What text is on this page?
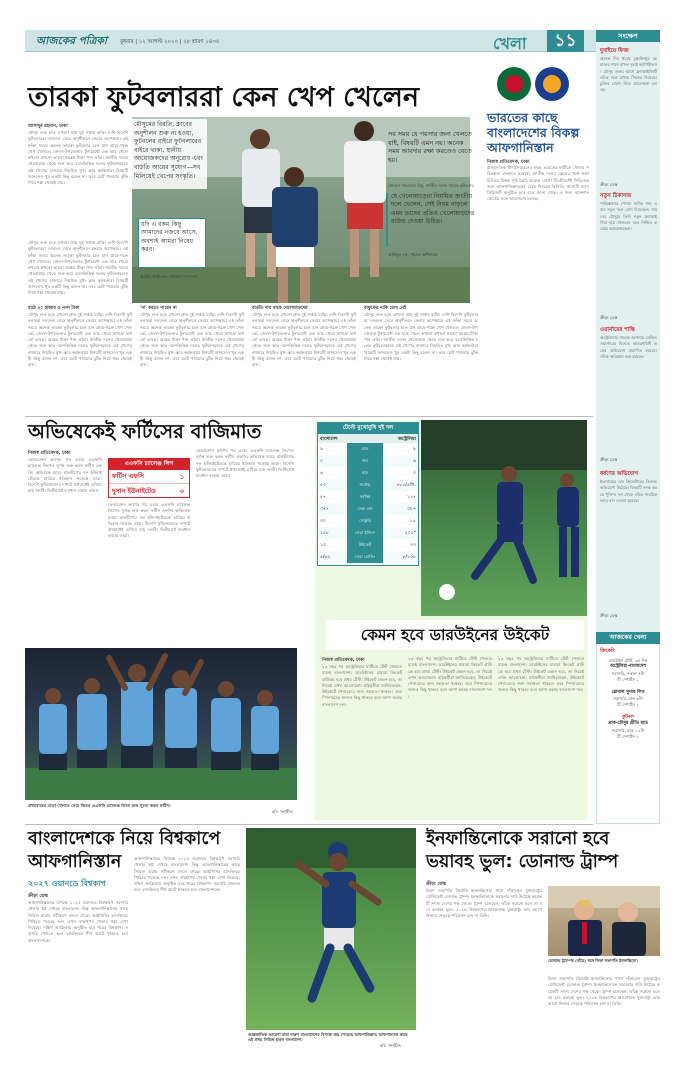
আজকের পত্রিকা বুধবার | ১২ আগস্ট ২০২০ | ২৮ শ্রাবণ ১৪৩৫	খেলা	১১
তারকা ফুটবলাররা কেন খেপ খেলেন
আসাদুর রহমান, ঢাকা
মৌসুম শুরু হতে এখনো প্রায় দুই সপ্তাহ বাকি। দেশি-বিদেশি ফুটবলাররা দলবদল সেরে অনুশীলনে ফেরার অপেক্ষায়। এই ফাঁকা সময়ে অনেক তারকা ফুটবলার চলে যান গ্রামে-গঞ্জে খেপ খেলতে। জেলা-উপজেলার টুর্নামেন্টে এক ম্যাচ খেলে কখনো কখনো ভালো অঙ্কের টাকা পান তাঁরা। জাতীয় দলের খেলোয়াড় থেকে শুরু করে বয়সভিত্তিক দলের ফুটবলাররাও এই খেপের বাজারে নিয়মিত মুখ। ক্লাব কর্মকর্তারা বিষয়টি জানলেও খুব একটা কিছু বলেন না। তবে চোট পাওয়ার ঝুঁকি নিয়ে শঙ্কা থেকেই যায়।
মৌসুম শুরু হতে এখনো প্রায় দুই সপ্তাহ বাকি। দেশি-বিদেশি ফুটবলাররা দলবদল সেরে অনুশীলনে ফেরার অপেক্ষায়। এই ফাঁকা সময়ে অনেক তারকা ফুটবলার চলে যান গ্রামে-গঞ্জে খেপ খেলতে। জেলা-উপজেলার টুর্নামেন্টে এক ম্যাচ খেলে কখনো কখনো ভালো অঙ্কের টাকা পান তাঁরা। জাতীয় দলের খেলোয়াড় থেকে শুরু করে বয়সভিত্তিক দলের ফুটবলাররাও এই খেপের বাজারে নিয়মিত মুখ। ক্লাব কর্মকর্তারা বিষয়টি জানলেও খুব একটা কিছু বলেন না। তবে চোট পাওয়ার ঝুঁকি নিয়ে শঙ্কা থেকেই যায়।
মৌসুমের বিরতি, ক্লাবের অনুশীলন শুরু না হওয়া, ফুটবলের বাইরে ফুটবলারের বাইরে থাকা, স্থানীয় আয়োজকদের অনুরোধ এবং বাড়তি আয়ের সুযোগ—সব মিলিয়েই খেপের সংস্কৃতি।
যদি এ রকম কিছু আমাদের নজরে আসে, অবশ্যই আমরা নিষেধ করব।
আমির আমিরুল, সাধারণ সম্পাদক
সব সময় যে পয়সার জন্য খেলতে যাই, বিষয়টি এমন নয়। অনেক সময় আবদার রক্ষা করতেও যেতে হয়।
সোহেল সারওয়ার রিনু, জাতীয় দলের সাবেক ফুটবলার
যে খেলোয়াড়েরা নিয়মিত জাতীয় দলে খেলেন, সেই নিয়ম বাড়লে এমন তাদের প্রতিও খেলোয়াড়দের রাউন্ড দেওয়া উচিত।
আমিনুল হক, সাবেক অধিনায়ক
মাঠে ৫০ হাজার ও নগদ টাকা
মৌসুম শুরু হতে এখনো প্রায় দুই সপ্তাহ বাকি। দেশি-বিদেশি ফুটবলাররা দলবদল সেরে অনুশীলনে ফেরার অপেক্ষায়। এই ফাঁকা সময়ে অনেক তারকা ফুটবলার চলে যান গ্রামে-গঞ্জে খেপ খেলতে। জেলা-উপজেলার টুর্নামেন্টে এক ম্যাচ খেলে কখনো কখনো ভালো অঙ্কের টাকা পান তাঁরা। জাতীয় দলের খেলোয়াড় থেকে শুরু করে বয়সভিত্তিক দলের ফুটবলাররাও এই খেপের বাজারে নিয়মিত মুখ। ক্লাব কর্মকর্তারা বিষয়টি জানলেও খুব একটা কিছু বলেন না। তবে চোট পাওয়ার ঝুঁকি নিয়ে শঙ্কা থেকেই যায়।
'না' করতে পারেন না
মৌসুম শুরু হতে এখনো প্রায় দুই সপ্তাহ বাকি। দেশি-বিদেশি ফুটবলাররা দলবদল সেরে অনুশীলনে ফেরার অপেক্ষায়। এই ফাঁকা সময়ে অনেক তারকা ফুটবলার চলে যান গ্রামে-গঞ্জে খেপ খেলতে। জেলা-উপজেলার টুর্নামেন্টে এক ম্যাচ খেলে কখনো কখনো ভালো অঙ্কের টাকা পান তাঁরা। জাতীয় দলের খেলোয়াড় থেকে শুরু করে বয়সভিত্তিক দলের ফুটবলাররাও এই খেপের বাজারে নিয়মিত মুখ। ক্লাব কর্মকর্তারা বিষয়টি জানলেও খুব একটা কিছু বলেন না। তবে চোট পাওয়ার ঝুঁকি নিয়ে শঙ্কা থেকেই যায়।
বাড়তি দায় থাকে খেলোয়াড়দের
মৌসুম শুরু হতে এখনো প্রায় দুই সপ্তাহ বাকি। দেশি-বিদেশি ফুটবলাররা দলবদল সেরে অনুশীলনে ফেরার অপেক্ষায়। এই ফাঁকা সময়ে অনেক তারকা ফুটবলার চলে যান গ্রামে-গঞ্জে খেপ খেলতে। জেলা-উপজেলার টুর্নামেন্টে এক ম্যাচ খেলে কখনো কখনো ভালো অঙ্কের টাকা পান তাঁরা। জাতীয় দলের খেলোয়াড় থেকে শুরু করে বয়সভিত্তিক দলের ফুটবলাররাও এই খেপের বাজারে নিয়মিত মুখ। ক্লাব কর্মকর্তারা বিষয়টি জানলেও খুব একটা কিছু বলেন না। তবে চোট পাওয়ার ঝুঁকি নিয়ে শঙ্কা থেকেই যায়।
বাফুফের নাকি চোখ নেই
মৌসুম শুরু হতে এখনো প্রায় দুই সপ্তাহ বাকি। দেশি-বিদেশি ফুটবলাররা দলবদল সেরে অনুশীলনে ফেরার অপেক্ষায়। এই ফাঁকা সময়ে অনেক তারকা ফুটবলার চলে যান গ্রামে-গঞ্জে খেপ খেলতে। জেলা-উপজেলার টুর্নামেন্টে এক ম্যাচ খেলে কখনো কখনো ভালো অঙ্কের টাকা পান তাঁরা। জাতীয় দলের খেলোয়াড় থেকে শুরু করে বয়সভিত্তিক দলের ফুটবলাররাও এই খেপের বাজারে নিয়মিত মুখ। ক্লাব কর্মকর্তারা বিষয়টি জানলেও খুব একটা কিছু বলেন না। তবে চোট পাওয়ার ঝুঁকি নিয়ে শঙ্কা থেকেই যায়।
ভারতের কাছে বাংলাদেশের বিকল্প আফগানিস্তান
নিজস্ব প্রতিবেদক, ঢাকা
রাজনৈতিক টানাপোড়েনের ফলে ভারতের মাটিতে খেলার পরিকল্পনা বদলাতে হয়েছে। জাতীয় দলের ফ্রেমের সঙ্গে তাল মিলিয়ে বিকল্প সূচি তৈরি করেছে বোর্ড। টি-টোয়েন্টি সিরিজের জন্য আফগানিস্তানকেই বেছে নিয়েছে বিসিবি। আগামী মাসে সিরিজটি অনুষ্ঠিত হবে বলে জানা গেছে। এ জন্য আফগান বোর্ডের সঙ্গে আলোচনা চলছে।
সংক্ষেপ
দুবাইয়ে ফিজ
অনেক দিন ধরেই মুস্তাফিজুর রহমানের পাশে রাখল দুবাই ক্যাপিটালস। মৌসুম শুরুর আগে ফ্র্যাঞ্চাইজিটি তাঁকে দলে রাখার সিদ্ধান্ত নিয়েছে। চুক্তির মেয়াদ নিয়ে আলোচনা চলছে।
ক্রীড়া ডেস্ক
নতুন ঠিকানায়
পাকিস্তানের পেসার নাসিম শাহ এবার নতুন দলে যোগ দিয়েছেন। সামনের মৌসুমে তিনি নতুন ফ্র্যাঞ্চাইজির হয়ে খেলবেন বলে নিশ্চিত করেছে আয়োজকেরা।
ক্রীড়া ডেস্ক
ওয়ার্নারের শাস্তি
অস্ট্রেলিয়ার সাবেক ওপেনার ডেভিড ওয়ার্নারের বিরুদ্ধে আচরণবিধি ভঙ্গের অভিযোগ প্রমাণিত হয়েছে। তাঁকে জরিমানা করা হয়েছে।
ক্রীড়া ডেস্ক
ধর্ষণের অভিযোগ
ইংল্যান্ডের এক ক্রিকেটারের বিরুদ্ধে অভিযোগ উঠেছে। বিষয়টি তদন্ত করছে পুলিশ। দল থেকে তাঁকে সাময়িকভাবে বাদ দেওয়া হয়েছে।
ক্রীড়া ডেস্ক
আজকের খেলা
ক্রিকেট
ডারউইন টেস্ট, ৩য় দিন
অস্ট্রেলিয়া-বাংলাদেশ
সরাসরি, সকাল ৭টা
টি স্পোর্টস ১
গ্লোবাল সুপার লিগ
সরাসরি, রাত ৮টা
টি স্পোর্টস ২
ফুটবল
প্রাক-মৌসুম প্রীতি ম্যাচ
সরাসরি, রাত ১২টা
টি স্পোর্টস ১
অভিষেকেই ফর্টিসের বাজিমাত
নিজস্ব প্রতিবেদক, ঢাকা
ফেডারেশন কাপের পর এবার এএফসি চ্যালেঞ্জ লিগেও দুর্দান্ত শুরু করল ফর্টিস এফসি। অভিষেক ম্যাচে মালদ্বীপের দল ইউনাইটেডকে হারিয়ে ইতিহাস গড়েছে তারা। বিদেশি ফুটবলারদের দাপটে প্রথমার্ধেই এগিয়ে যায় দলটি। দ্বিতীয়ার্ধে ব্যবধান বাড়ায় তারা।
ফেডারেশন কাপের পর এবার এএফসি চ্যালেঞ্জ লিগেও দুর্দান্ত শুরু করল ফর্টিস এফসি। অভিষেক ম্যাচে মালদ্বীপের দল ইউনাইটেডকে হারিয়ে ইতিহাস গড়েছে তারা। বিদেশি ফুটবলারদের দাপটে প্রথমার্ধেই এগিয়ে যায় দলটি। দ্বিতীয়ার্ধে ব্যবধান বাড়ায় তারা।
ফেডারেশন কাপের পর এবার এএফসি চ্যালেঞ্জ লিগেও দুর্দান্ত শুরু করল ফর্টিস এফসি। অভিষেক ম্যাচে মালদ্বীপের দল ইউনাইটেডকে হারিয়ে ইতিহাস গড়েছে তারা। বিদেশি ফুটবলারদের দাপটে প্রথমার্ধেই এগিয়ে যায় দলটি। দ্বিতীয়ার্ধে ব্যবধান বাড়ায় তারা।
এএফসি চ্যালেঞ্জ লিগ
ফর্টিস এফসি	১
দুসান ইউনাইটেড	০
প্রথমবারের মতো খেলতে নেমে জিতে এএফসি চ্যালেঞ্জ লিগে শুভ সূচনা করল ফর্টিস।
ছবি: সংগৃহীত
টেস্টে মুখোমুখি দুই দল
বাংলাদেশ		অস্ট্রেলিয়া
৯	ম্যাচ	৯
০	জয়	৬
৬	হার	০
৫০	সর্বোচ্চ	৫৮১/৪ডি.
৫৭	সর্বনিম্ন	১১৭
৩৭৭	সেরা রান	৩৮৭
৩০	সেঞ্চুরি	১৫
১৫৮	সেরা ইনিংস	২০১*
১৩	উইকেট	৩৩
৫/৬২	সেরা বোলিং	৮/১০৮
কেমন হবে ডারউইনের উইকেট
নিজস্ব প্রতিবেদক, ঢাকা
২৩ বছর পর অস্ট্রেলিয়ার মাটিতে টেস্ট খেলতে যাচ্ছে বাংলাদেশ। ডারউইনের মারারা ক্রিকেট গ্রাউন্ডে হবে প্রথম টেস্ট। উইকেট কেমন হবে, তা নিয়েই এখন আলোচনা। মাঠকর্মীরা জানিয়েছেন, উইকেটে পেসারদের জন্য সহায়তা থাকবে। তবে স্পিনারদের জন্যও কিছু থাকবে বলে আশা করছে বাংলাদেশ দল।
২৩ বছর পর অস্ট্রেলিয়ার মাটিতে টেস্ট খেলতে যাচ্ছে বাংলাদেশ। ডারউইনের মারারা ক্রিকেট গ্রাউন্ডে হবে প্রথম টেস্ট। উইকেট কেমন হবে, তা নিয়েই এখন আলোচনা। মাঠকর্মীরা জানিয়েছেন, উইকেটে পেসারদের জন্য সহায়তা থাকবে। তবে স্পিনারদের জন্যও কিছু থাকবে বলে আশা করছে বাংলাদেশ দল।
২৩ বছর পর অস্ট্রেলিয়ার মাটিতে টেস্ট খেলতে যাচ্ছে বাংলাদেশ। ডারউইনের মারারা ক্রিকেট গ্রাউন্ডে হবে প্রথম টেস্ট। উইকেট কেমন হবে, তা নিয়েই এখন আলোচনা। মাঠকর্মীরা জানিয়েছেন, উইকেটে পেসারদের জন্য সহায়তা থাকবে। তবে স্পিনারদের জন্যও কিছু থাকবে বলে আশা করছে বাংলাদেশ দল।
বাংলাদেশকে নিয়ে বিশ্বকাপে আফগানিস্তান
২০২৭ ওয়ানডে বিশ্বকাপ
ক্রীড়া ডেস্ক
আফগানিস্তানের বিপক্ষে ২০২৪ ওয়ানডে বিশ্বকাপে সরাসরি খেলার স্বপ্ন দেখছে বাংলাদেশ। কিন্তু আফগানিস্তানের কাছে সিরিজ হারায় সমীকরণ বদলে গেছে। আইসিসির র‍্যাংকিংয়ে পিছিয়ে পড়েছে দল। এখন বাছাইপর্ব খেলার শঙ্কা দেখা দিয়েছে। দক্ষিণ আফ্রিকায় অনুষ্ঠিত হবে পরের বিশ্বকাপ। সরাসরি খেলতে হলে র‍্যাংকিংয়ে শীর্ষ আটে থাকতে হবে বাংলাদেশকে।
আফগানিস্তানের বিপক্ষে ২০২৪ ওয়ানডে বিশ্বকাপে সরাসরি খেলার স্বপ্ন দেখছে বাংলাদেশ। কিন্তু আফগানিস্তানের কাছে সিরিজ হারায় সমীকরণ বদলে গেছে। আইসিসির র‍্যাংকিংয়ে পিছিয়ে পড়েছে দল। এখন বাছাইপর্ব খেলার শঙ্কা দেখা দিয়েছে। দক্ষিণ আফ্রিকায় অনুষ্ঠিত হবে পরের বিশ্বকাপ। সরাসরি খেলতে হলে র‍্যাংকিংয়ে শীর্ষ আটে থাকতে হবে বাংলাদেশকে।
আন্তর্জাতিক আয়েশা মায়া দারুণ বাংলাদেশের বিপক্ষে জয় পেয়েছে আফগানিস্তান। আফগানদের কাছে এই প্রথম সিরিজ হারল বাংলাদেশ।
ছবি: সংগৃহীত
ইনফান্তিনোকে সরানো হবে ভয়াবহ ভুল: ডোনাল্ড ট্রাম্প
ক্রীড়া ডেস্ক
ফিফা সভাপতি জিয়ান্নি ইনফান্তিনোর পাশে দাঁড়ালেন যুক্তরাষ্ট্রের প্রেসিডেন্ট ডোনাল্ড ট্রাম্প। ইনফান্তিনোকে সরানোর দাবি উঠেছে কয়েকটি সদস্য দেশের পক্ষ থেকে। ট্রাম্প বলেছেন, তাঁকে সরানো হলে তা হবে ভয়াবহ ভুল। ২০২৬ বিশ্বকাপের আয়োজক যুক্তরাষ্ট্র। তার আগে ফিফার নেতৃত্বে পরিবর্তন চান না তিনি।
ডোনাল্ড ট্রাম্পের (বাঁয়ে) সঙ্গে ফিফা সভাপতি ইনফান্তিনো।
ফিফা সভাপতি জিয়ান্নি ইনফান্তিনোর পাশে দাঁড়ালেন যুক্তরাষ্ট্রের প্রেসিডেন্ট ডোনাল্ড ট্রাম্প। ইনফান্তিনোকে সরানোর দাবি উঠেছে কয়েকটি সদস্য দেশের পক্ষ থেকে। ট্রাম্প বলেছেন, তাঁকে সরানো হলে তা হবে ভয়াবহ ভুল। ২০২৬ বিশ্বকাপের আয়োজক যুক্তরাষ্ট্র। তার আগে ফিফার নেতৃত্বে পরিবর্তন চান না তিনি।
